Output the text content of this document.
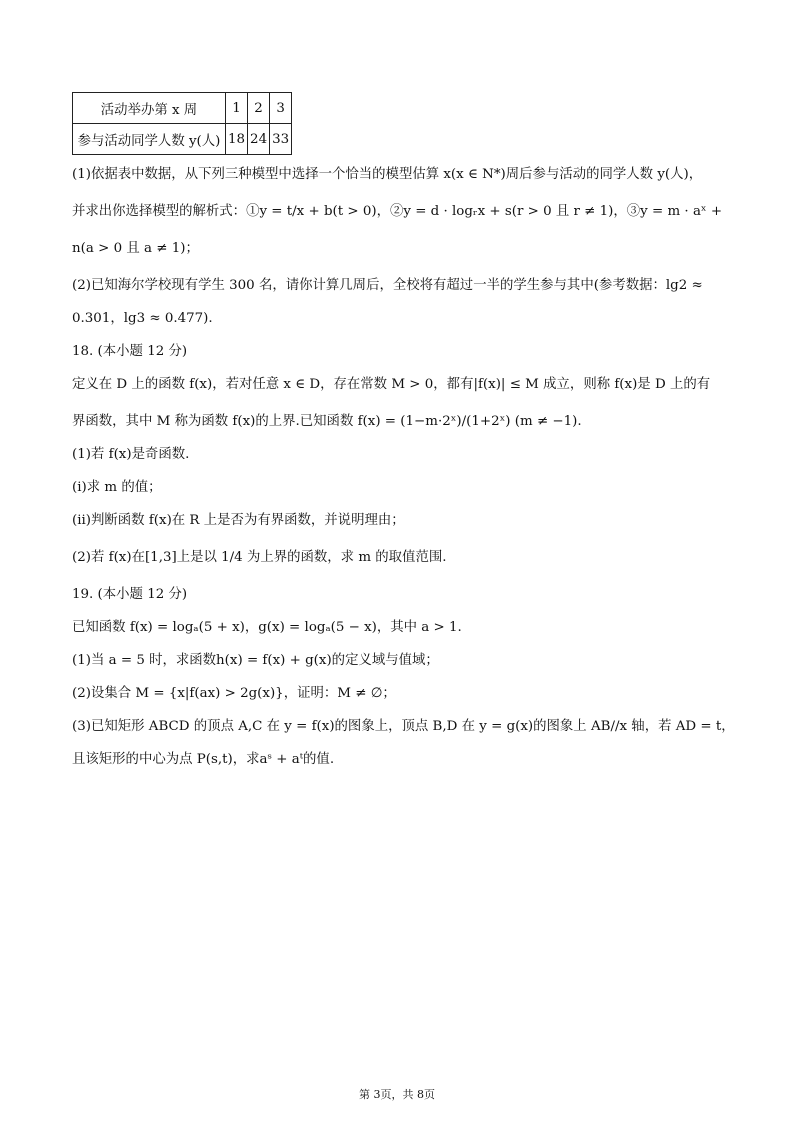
活动举办第 x 周	1	2	3
参与活动同学人数 y(人)	18	24	33

(1)依据表中数据，从下列三种模型中选择一个恰当的模型估算 x(x ∈ N*)周后参与活动的同学人数 y(人)，

并求出你选择模型的解析式：①y = t/x + b(t > 0)，②y = d · logᵣx + s(r > 0 且 r ≠ 1)，③y = m · aˣ +

n(a > 0 且 a ≠ 1)；

(2)已知海尔学校现有学生 300 名，请你计算几周后，全校将有超过一半的学生参与其中(参考数据：lg2 ≈

0.301，lg3 ≈ 0.477).

18. (本小题 12 分)

定义在 D 上的函数 f(x)，若对任意 x ∈ D，存在常数 M > 0，都有|f(x)| ≤ M 成立，则称 f(x)是 D 上的有

界函数，其中 M 称为函数 f(x)的上界.已知函数 f(x) = (1−m·2ˣ)/(1+2ˣ) (m ≠ −1).

(1)若 f(x)是奇函数.

(i)求 m 的值；

(ii)判断函数 f(x)在 R 上是否为有界函数，并说明理由；

(2)若 f(x)在[1,3]上是以 1/4 为上界的函数，求 m 的取值范围.

19. (本小题 12 分)

已知函数 f(x) = logₐ(5 + x)，g(x) = logₐ(5 − x)，其中 a > 1.

(1)当 a = 5 时，求函数h(x) = f(x) + g(x)的定义域与值域；

(2)设集合 M = {x|f(ax) > 2g(x)}，证明：M ≠ ∅；

(3)已知矩形 ABCD 的顶点 A,C 在 y = f(x)的图象上，顶点 B,D 在 y = g(x)的图象上 AB//x 轴，若 AD = t，

且该矩形的中心为点 P(s,t)，求aˢ + aᵗ的值.

第 3页，共 8页
